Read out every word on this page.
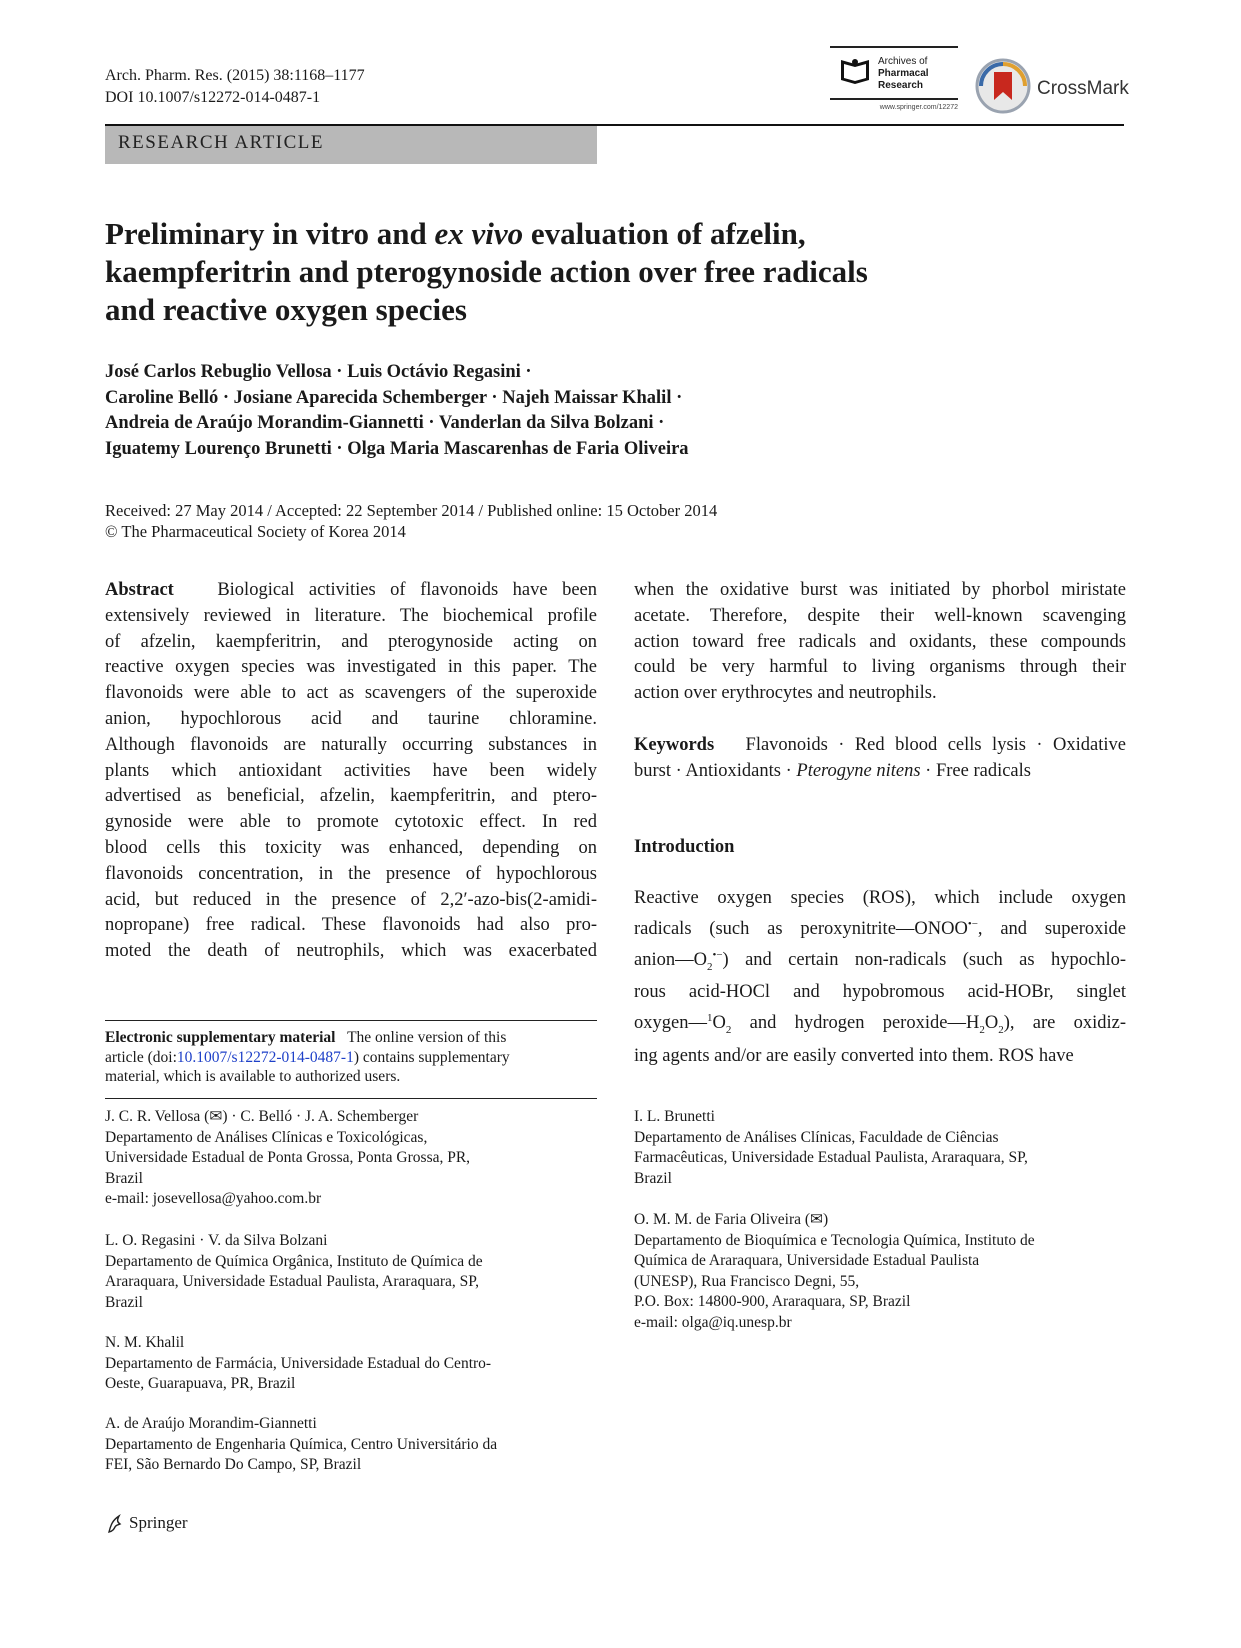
Arch. Pharm. Res. (2015) 38:1168–1177
DOI 10.1007/s12272-014-0487-1
Archives of
Pharmacal
Research
www.springer.com/12272
CrossMark
RESEARCH ARTICLE
Preliminary in vitro and ex vivo evaluation of afzelin,
kaempferitrin and pterogynoside action over free radicals
and reactive oxygen species
José Carlos Rebuglio Vellosa · Luis Octávio Regasini ·
Caroline Belló · Josiane Aparecida Schemberger · Najeh Maissar Khalil ·
Andreia de Araújo Morandim-Giannetti · Vanderlan da Silva Bolzani ·
Iguatemy Lourenço Brunetti · Olga Maria Mascarenhas de Faria Oliveira
Received: 27 May 2014 / Accepted: 22 September 2014 / Published online: 15 October 2014
© The Pharmaceutical Society of Korea 2014
Abstract Biological activities of flavonoids have been
extensively reviewed in literature. The biochemical profile
of afzelin, kaempferitrin, and pterogynoside acting on
reactive oxygen species was investigated in this paper. The
flavonoids were able to act as scavengers of the superoxide
anion, hypochlorous acid and taurine chloramine.
Although flavonoids are naturally occurring substances in
plants which antioxidant activities have been widely
advertised as beneficial, afzelin, kaempferitrin, and ptero-
gynoside were able to promote cytotoxic effect. In red
blood cells this toxicity was enhanced, depending on
flavonoids concentration, in the presence of hypochlorous
acid, but reduced in the presence of 2,2′-azo-bis(2-amidi-
nopropane) free radical. These flavonoids had also pro-
moted the death of neutrophils, which was exacerbated
when the oxidative burst was initiated by phorbol miristate
acetate. Therefore, despite their well-known scavenging
action toward free radicals and oxidants, these compounds
could be very harmful to living organisms through their
action over erythrocytes and neutrophils.
Keywords Flavonoids · Red blood cells lysis · Oxidative
burst · Antioxidants · Pterogyne nitens · Free radicals
Introduction
Reactive oxygen species (ROS), which include oxygen
radicals (such as peroxynitrite—ONOO•−, and superoxide
$anion—O_2^{•-}$) and certain non-radicals (such as hypochlo-
rous acid-HOCl and hypobromous acid-HOBr, singlet
$oxygen—^1O_2$ and hydrogen $peroxide—H_2O_2$), are oxidiz-
ing agents and/or are easily converted into them. ROS have
Electronic supplementary material The online version of this
article (doi:10.1007/s12272-014-0487-1) contains supplementary
material, which is available to authorized users.
J. C. R. Vellosa (✉) · C. Belló · J. A. Schemberger
Departamento de Análises Clínicas e Toxicológicas,
Universidade Estadual de Ponta Grossa, Ponta Grossa, PR,
Brazil
e-mail: josevellosa@yahoo.com.br
L. O. Regasini · V. da Silva Bolzani
Departamento de Química Orgânica, Instituto de Química de
Araraquara, Universidade Estadual Paulista, Araraquara, SP,
Brazil
N. M. Khalil
Departamento de Farmácia, Universidade Estadual do Centro-
Oeste, Guarapuava, PR, Brazil
A. de Araújo Morandim-Giannetti
Departamento de Engenharia Química, Centro Universitário da
FEI, São Bernardo Do Campo, SP, Brazil
I. L. Brunetti
Departamento de Análises Clínicas, Faculdade de Ciências
Farmacêuticas, Universidade Estadual Paulista, Araraquara, SP,
Brazil
O. M. M. de Faria Oliveira (✉)
Departamento de Bioquímica e Tecnologia Química, Instituto de
Química de Araraquara, Universidade Estadual Paulista
(UNESP), Rua Francisco Degni, 55,
P.O. Box: 14800-900, Araraquara, SP, Brazil
e-mail: olga@iq.unesp.br
Springer
